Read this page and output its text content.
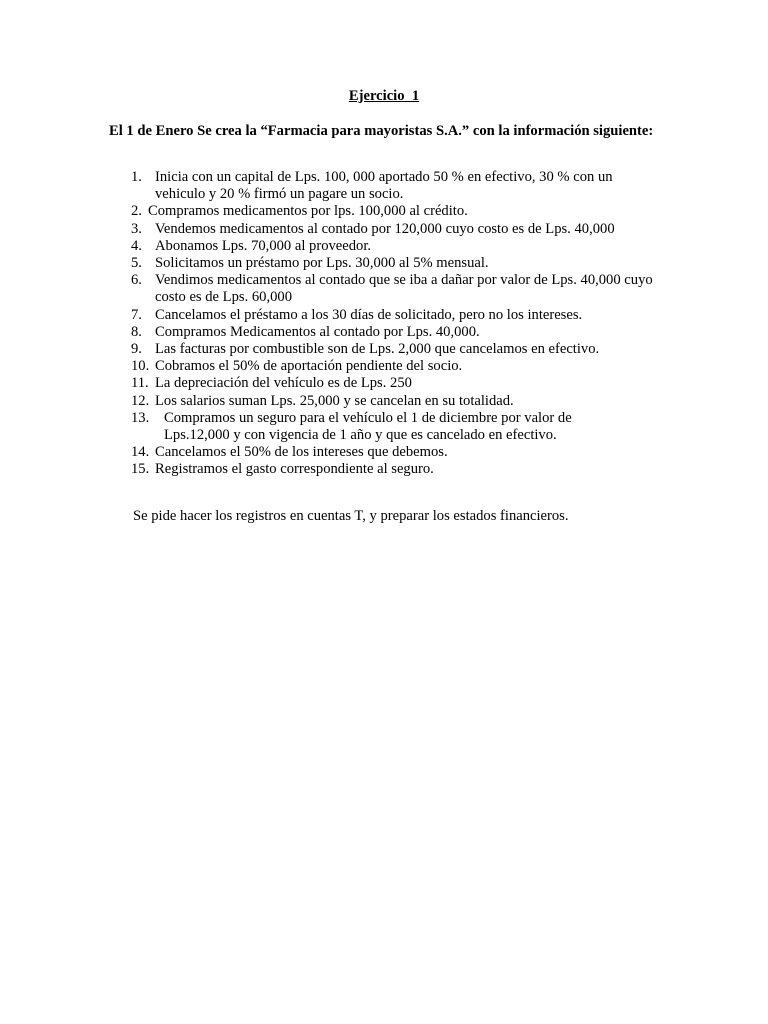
Ejercicio  1
El 1 de Enero Se crea la “Farmacia para mayoristas S.A.” con la información siguiente:
1. Inicia con un capital de Lps. 100, 000 aportado 50 % en efectivo, 30 % con un vehiculo y 20 % firmó un pagare un socio.
2. Compramos medicamentos por lps. 100,000 al crédito.
3. Vendemos medicamentos al contado por 120,000 cuyo costo es de Lps. 40,000
4. Abonamos Lps. 70,000 al proveedor.
5. Solicitamos un préstamo por Lps. 30,000 al 5% mensual.
6. Vendimos medicamentos al contado que se iba a dañar por valor de Lps. 40,000 cuyo costo es de Lps. 60,000
7. Cancelamos el préstamo a los 30 días de solicitado, pero no los intereses.
8. Compramos Medicamentos al contado por Lps. 40,000.
9. Las facturas por combustible son de Lps. 2,000 que cancelamos en efectivo.
10. Cobramos el 50% de aportación pendiente del socio.
11. La depreciación del vehículo es de Lps. 250
12. Los salarios suman Lps. 25,000 y se cancelan en su totalidad.
13. Compramos un seguro para el vehículo el 1 de diciembre por valor de Lps.12,000 y con vigencia de 1 año y que es cancelado en efectivo.
14. Cancelamos el 50% de los intereses que debemos.
15. Registramos el gasto correspondiente al seguro.
Se pide hacer los registros en cuentas T, y preparar los estados financieros.
